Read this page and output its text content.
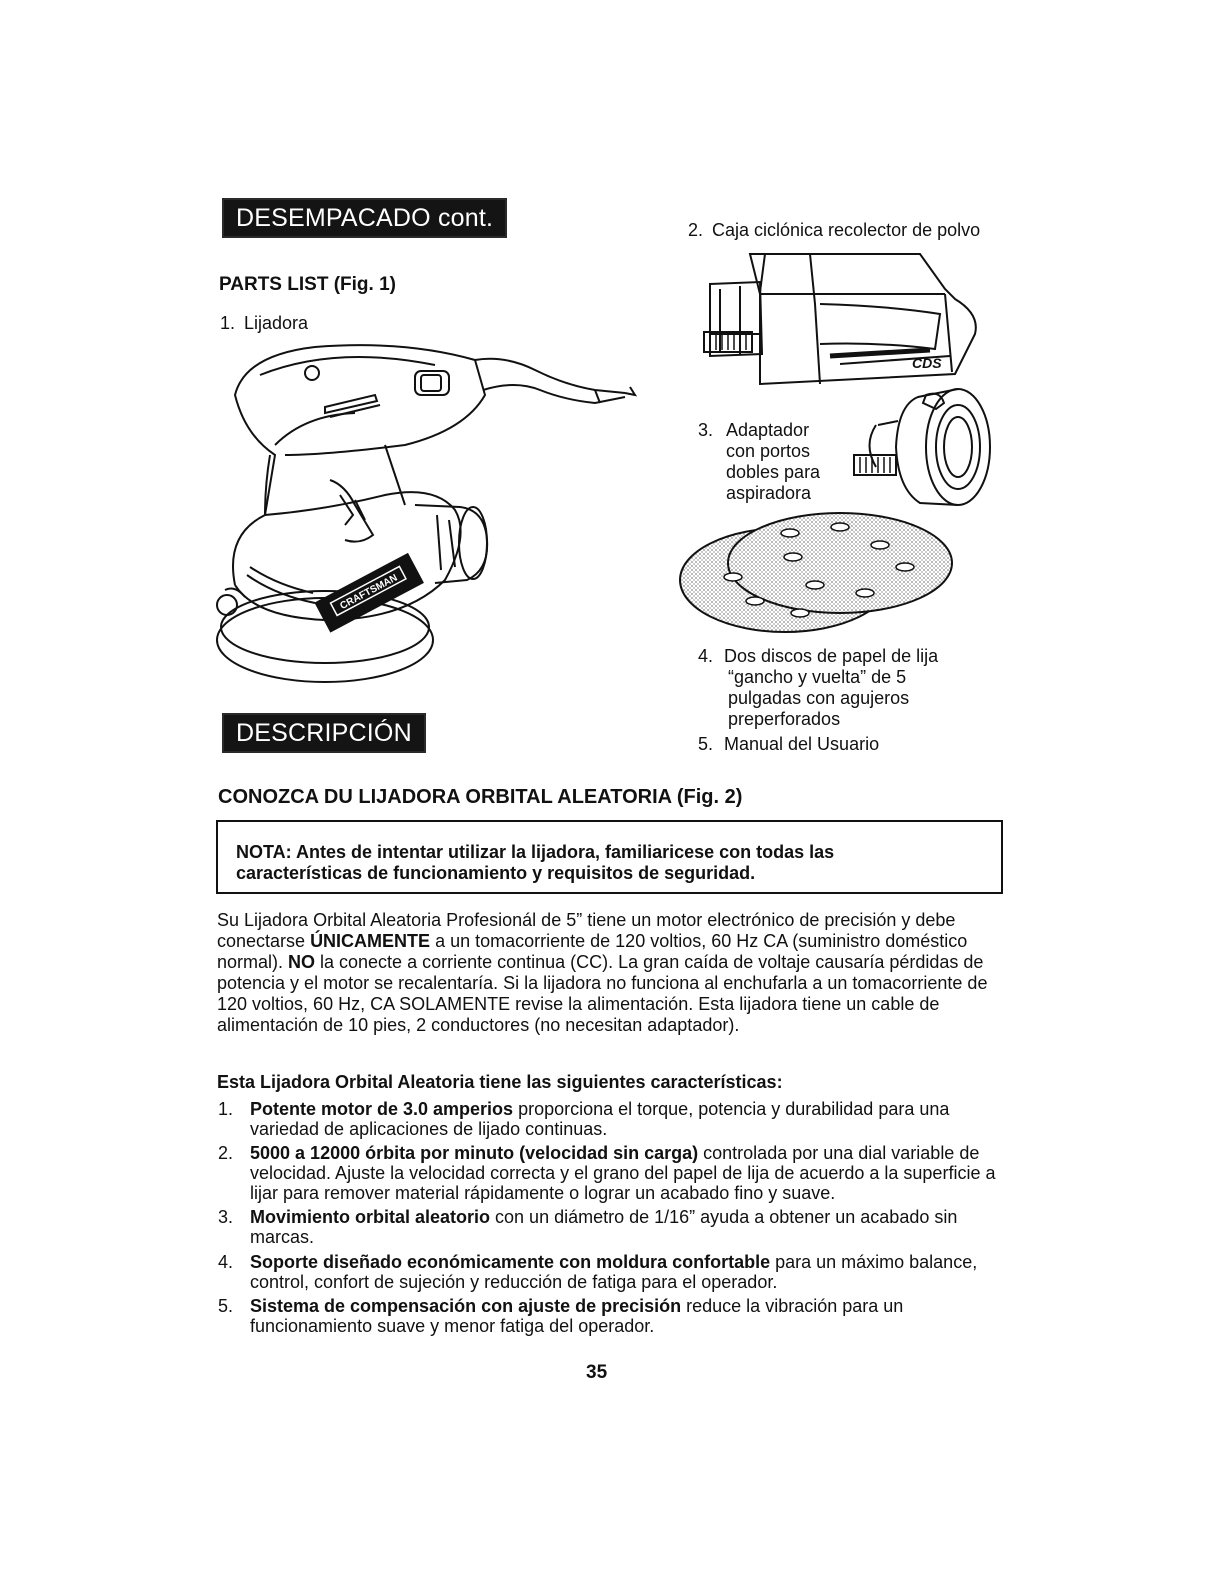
DESEMPACADO cont.
PARTS LIST (Fig. 1)
1. Lijadora
CRAFTSMAN
2. Caja ciclónica recolector de polvo
CDS
3. Adaptador
con portos
dobles para
aspiradora
4. Dos discos de papel de lija
“gancho y vuelta” de 5
pulgadas con agujeros
preperforados
5. Manual del Usuario
DESCRIPCIÓN
CONOZCA DU LIJADORA ORBITAL ALEATORIA (Fig. 2)
NOTA: Antes de intentar utilizar la lijadora, familiaricese con todas las
características de funcionamiento y requisitos de seguridad.
Su Lijadora Orbital Aleatoria Profesionál de 5” tiene un motor electrónico de precisión y debe conectarse ÚNICAMENTE a un tomacorriente de 120 voltios, 60 Hz CA (suministro doméstico normal). NO la conecte a corriente continua (CC). La gran caída de voltaje causaría pérdidas de potencia y el motor se recalentaría. Si la lijadora no funciona al enchufarla a un tomacorriente de 120 voltios, 60 Hz, CA SOLAMENTE revise la alimentación. Esta lijadora tiene un cable de alimentación de 10 pies, 2 conductores (no necesitan adaptador).
Esta Lijadora Orbital Aleatoria tiene las siguientes características:
1. Potente motor de 3.0 amperios proporciona el torque, potencia y durabilidad para una variedad de aplicaciones de lijado continuas.
2. 5000 a 12000 órbita por minuto (velocidad sin carga) controlada por una dial variable de velocidad. Ajuste la velocidad correcta y el grano del papel de lija de acuerdo a la superficie a lijar para remover material rápidamente o lograr un acabado fino y suave.
3. Movimiento orbital aleatorio con un diámetro de 1/16” ayuda a obtener un acabado sin marcas.
4. Soporte diseñado económicamente con moldura confortable para un máximo balance, control, confort de sujeción y reducción de fatiga para el operador.
5. Sistema de compensación con ajuste de precisión reduce la vibración para un funcionamiento suave y menor fatiga del operador.
35
